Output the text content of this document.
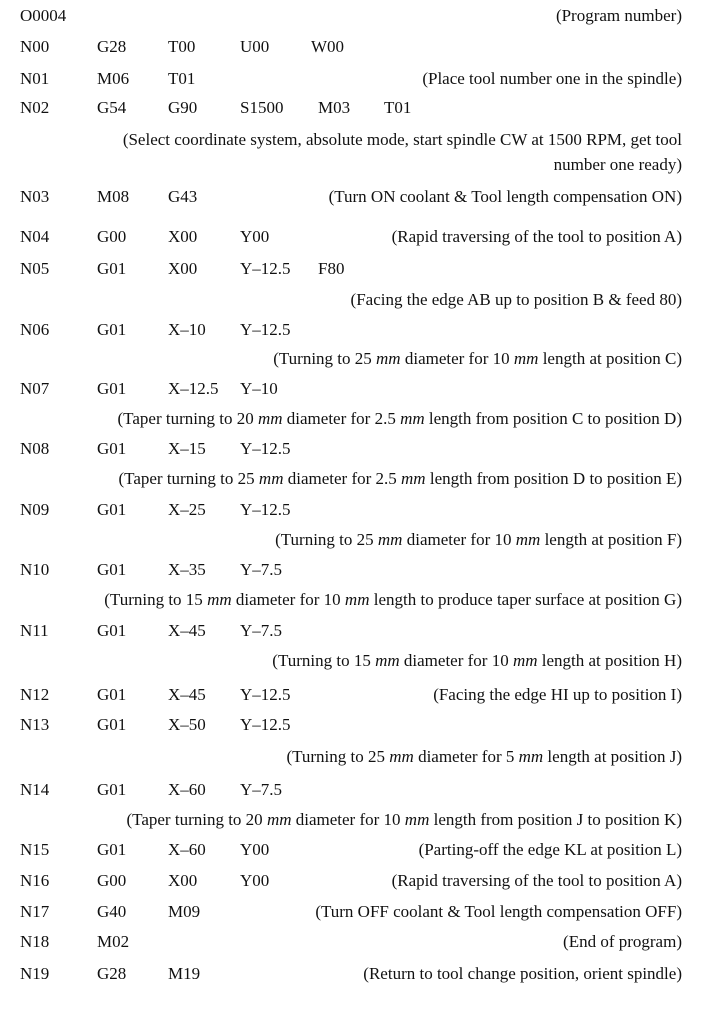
O0004	(Program number)
N00	G28 T00	U00 W00
N01	M06 T01	(Place tool number one in the spindle)
N02	G54 G90	S1500 M03 T01
(Select coordinate system, absolute mode, start spindle CW at 1500 RPM, get tool
number one ready)
N03	M08 G43	(Turn ON coolant & Tool length compensation ON)
N04	G00 X00	Y00	(Rapid traversing of the tool to position A)
N05	G01 X00	Y–12.5 F80
(Facing the edge AB up to position B & feed 80)
N06	G01 X–10 Y–12.5
(Turning to 25 mm diameter for 10 mm length at position C)
N07	G01 X–12.5 Y–10
(Taper turning to 20 mm diameter for 2.5 mm length from position C to position D)
N08	G01 X–15 Y–12.5
(Taper turning to 25 mm diameter for 2.5 mm length from position D to position E)
N09	G01 X–25 Y–12.5
(Turning to 25 mm diameter for 10 mm length at position F)
N10	G01 X–35 Y–7.5
(Turning to 15 mm diameter for 10 mm length to produce taper surface at position G)
N11	G01 X–45 Y–7.5
(Turning to 15 mm diameter for 10 mm length at position H)
N12	G01 X–45 Y–12.5	(Facing the edge HI up to position I)
N13	G01 X–50 Y–12.5
(Turning to 25 mm diameter for 5 mm length at position J)
N14	G01 X–60 Y–7.5
(Taper turning to 20 mm diameter for 10 mm length from position J to position K)
N15	G01 X–60 Y00	(Parting-off the edge KL at position L)
N16	G00 X00	Y00	(Rapid traversing of the tool to position A)
N17	G40 M09	(Turn OFF coolant & Tool length compensation OFF)
N18	M02	(End of program)
N19	G28 M19	(Return to tool change position, orient spindle)
